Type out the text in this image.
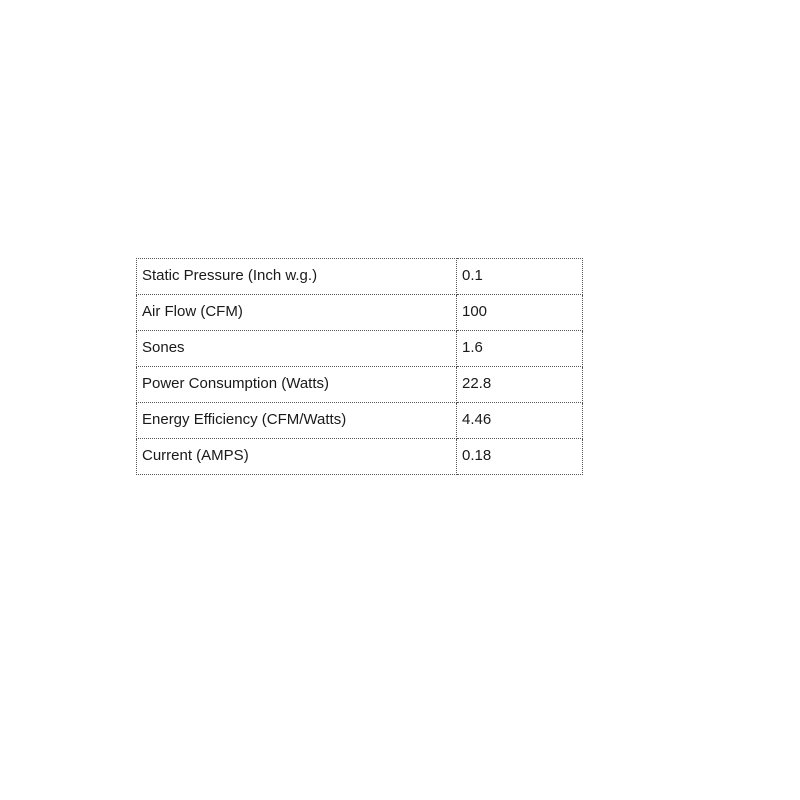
Static Pressure (Inch w.g.)	0.1
Air Flow (CFM)	100
Sones	1.6
Power Consumption (Watts)	22.8
Energy Efficiency (CFM/Watts)	4.46
Current (AMPS)	0.18
